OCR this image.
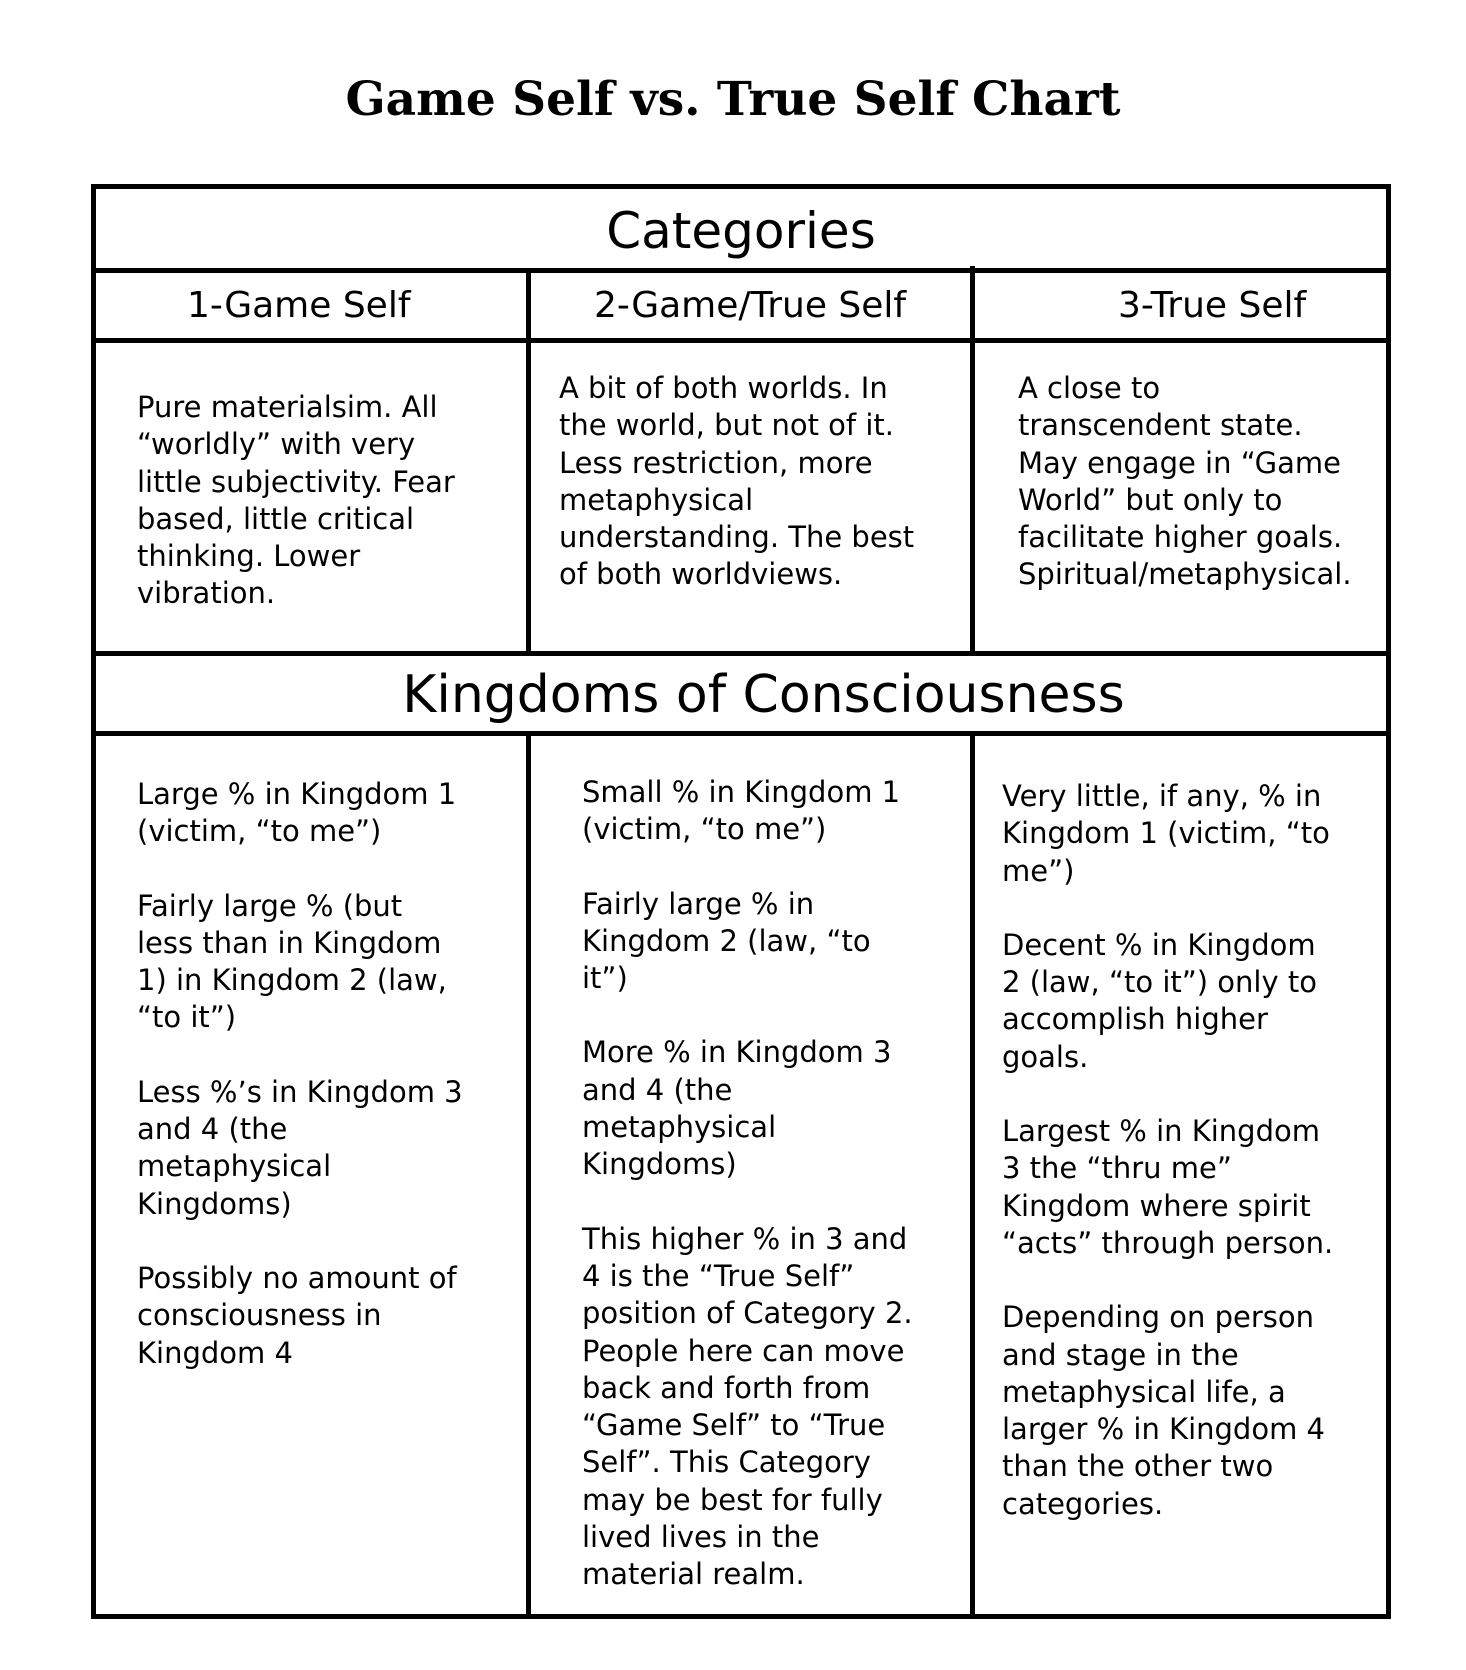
Game Self vs. True Self Chart
Categories
Kingdoms of Consciousness
1-Game Self	2-Game/True Self	3-True Self
Pure materialsim. All
“worldly” with very
little subjectivity. Fear
based, little critical
thinking. Lower
vibration.
A bit of both worlds. In
the world, but not of it.
Less restriction, more
metaphysical
understanding. The best
of both worldviews.
A close to
transcendent state.
May engage in “Game
World” but only to
facilitate higher goals.
Spiritual/metaphysical.

Large % in Kingdom 1
(victim, “to me”)

Fairly large % (but
less than in Kingdom
1) in Kingdom 2 (law,
“to it”)

Less %’s in Kingdom 3
and 4 (the
metaphysical
Kingdoms)

Possibly no amount of
consciousness in
Kingdom 4

Small % in Kingdom 1
(victim, “to me”)

Fairly large % in
Kingdom 2 (law, “to
it”)

More % in Kingdom 3
and 4 (the
metaphysical
Kingdoms)

This higher % in 3 and
4 is the “True Self”
position of Category 2.
People here can move
back and forth from
“Game Self” to “True
Self”. This Category
may be best for fully
lived lives in the
material realm.

Very little, if any, % in
Kingdom 1 (victim, “to
me”)

Decent % in Kingdom
2 (law, “to it”) only to
accomplish higher
goals.

Largest % in Kingdom
3 the “thru me”
Kingdom where spirit
“acts” through person.

Depending on person
and stage in the
metaphysical life, a
larger % in Kingdom 4
than the other two
categories.
